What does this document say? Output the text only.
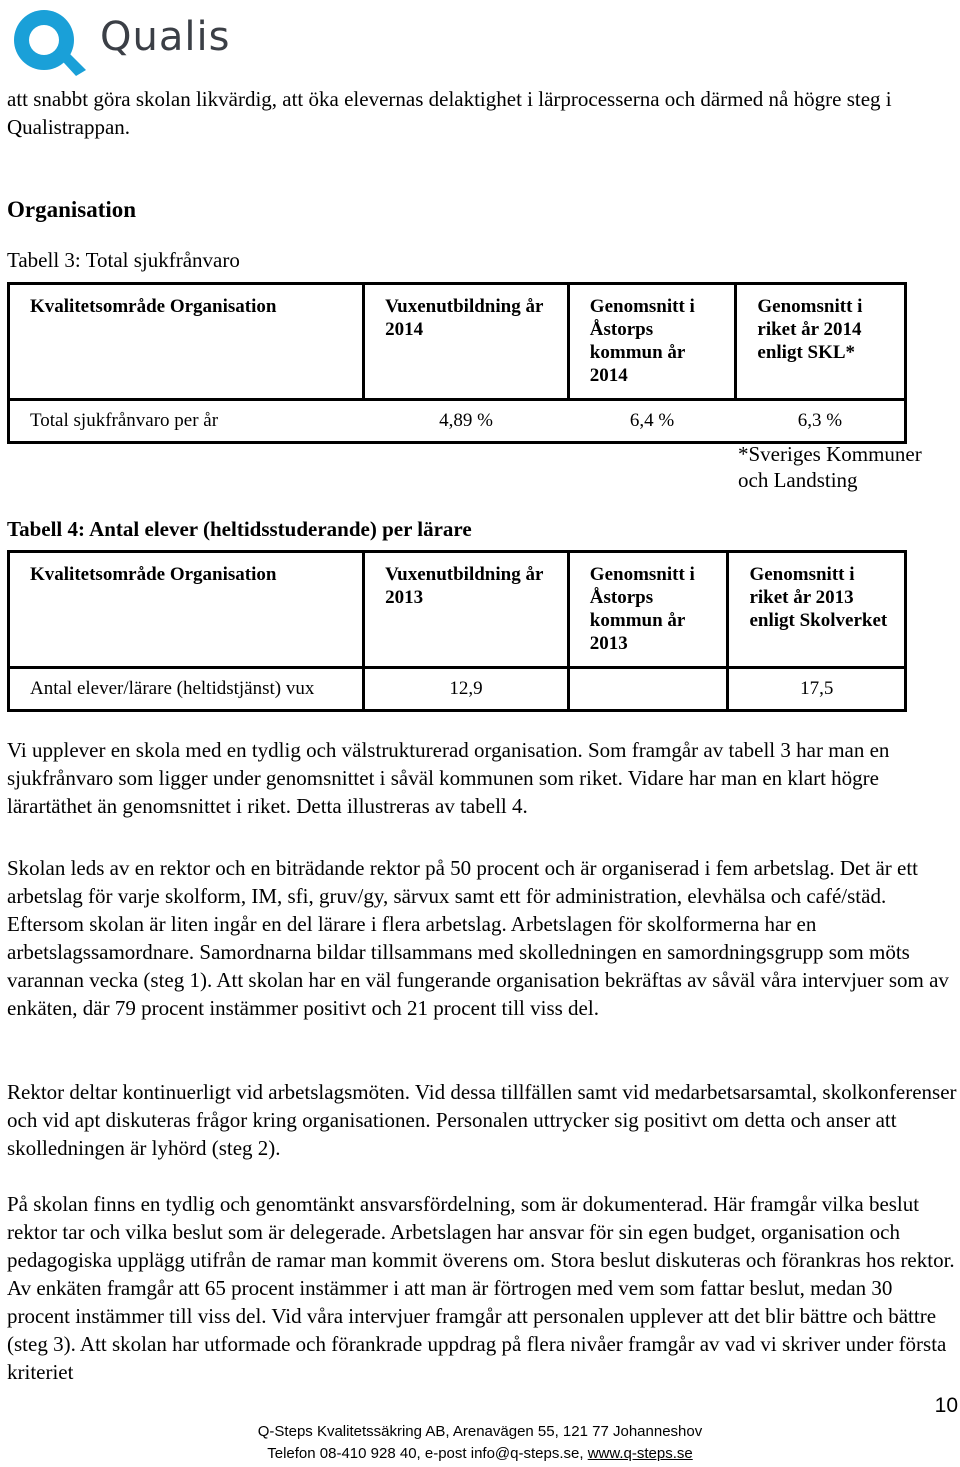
Qualis

att snabbt göra skolan likvärdig, att öka elevernas delaktighet i lärprocesserna och därmed nå högre steg i Qualistrappan.

Organisation

Tabell 3: Total sjukfrånvaro

Kvalitetsområde Organisation	Vuxenutbildning år 2014	Genomsnitt i Åstorps kommun år 2014	Genomsnitt i riket år 2014 enligt SKL*
Total sjukfrånvaro per år	4,89 %	6,4 %	6,3 %
*Sveriges Kommuner och Landsting

Tabell 4: Antal elever (heltidsstuderande) per lärare

Kvalitetsområde Organisation	Vuxenutbildning år 2013	Genomsnitt i Åstorps kommun år 2013	Genomsnitt i riket år 2013 enligt Skolverket
Antal elever/lärare (heltidstjänst) vux	12,9		17,5

Vi upplever en skola med en tydlig och välstrukturerad organisation. Som framgår av tabell 3 har man en sjukfrånvaro som ligger under genomsnittet i såväl kommunen som riket. Vidare har man en klart högre lärartäthet än genomsnittet i riket. Detta illustreras av tabell 4.

Skolan leds av en rektor och en biträdande rektor på 50 procent och är organiserad i fem arbetslag. Det är ett arbetslag för varje skolform, IM, sfi, gruv/gy, särvux samt ett för administration, elevhälsa och café/städ. Eftersom skolan är liten ingår en del lärare i flera arbetslag. Arbetslagen för skolformerna har en arbetslagssamordnare. Samordnarna bildar tillsammans med skolledningen en samordningsgrupp som möts varannan vecka (steg 1). Att skolan har en väl fungerande organisation bekräftas av såväl våra intervjuer som av enkäten, där 79 procent instämmer positivt och 21 procent till viss del.

Rektor deltar kontinuerligt vid arbetslagsmöten. Vid dessa tillfällen samt vid medarbetsarsamtal, skolkonferenser och vid apt diskuteras frågor kring organisationen. Personalen uttrycker sig positivt om detta och anser att skolledningen är lyhörd (steg 2).

På skolan finns en tydlig och genomtänkt ansvarsfördelning, som är dokumenterad. Här framgår vilka beslut rektor tar och vilka beslut som är delegerade. Arbetslagen har ansvar för sin egen budget, organisation och pedagogiska upplägg utifrån de ramar man kommit överens om. Stora beslut diskuteras och förankras hos rektor. Av enkäten framgår att 65 procent instämmer i att man är förtrogen med vem som fattar beslut, medan 30 procent instämmer till viss del. Vid våra intervjuer framgår att personalen upplever att det blir bättre och bättre (steg 3). Att skolan har utformade och förankrade uppdrag på flera nivåer framgår av vad vi skriver under första kriteriet

10
Q-Steps Kvalitetssäkring AB, Arenavägen 55, 121 77 Johanneshov
Telefon 08-410 928 40, e-post info@q-steps.se, www.q-steps.se
